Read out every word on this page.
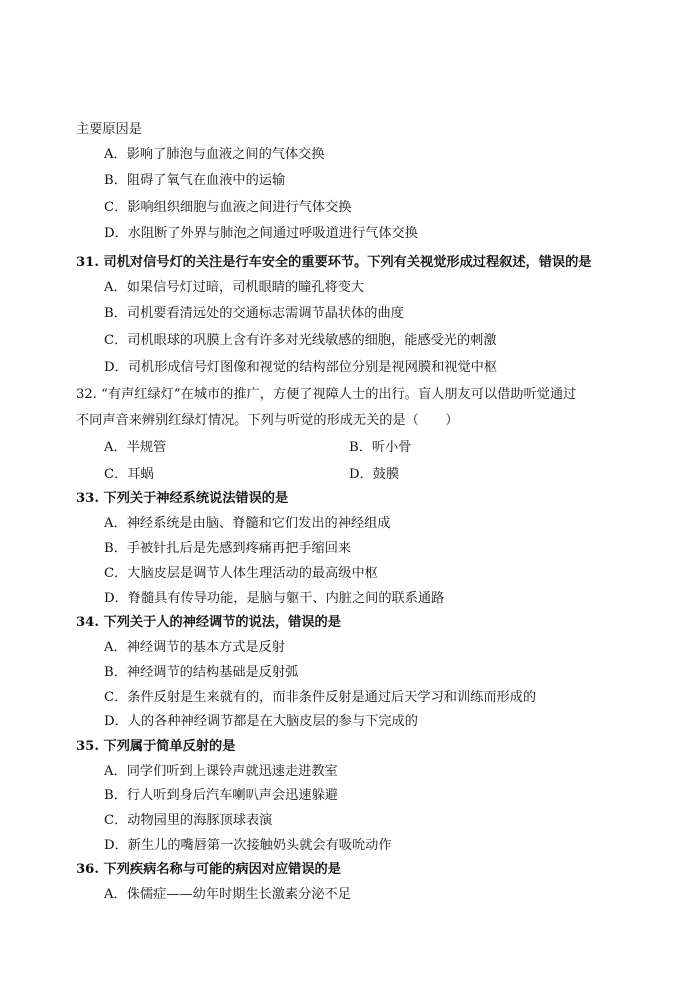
主要原因是
A．影响了肺泡与血液之间的气体交换
B．阻碍了氧气在血液中的运输
C．影响组织细胞与血液之间进行气体交换
D．水阻断了外界与肺泡之间通过呼吸道进行气体交换
31. 司机对信号灯的关注是行车安全的重要环节。下列有关视觉形成过程叙述，错误的是
A．如果信号灯过暗，司机眼睛的瞳孔将变大
B．司机要看清远处的交通标志需调节晶状体的曲度
C．司机眼球的巩膜上含有许多对光线敏感的细胞，能感受光的刺激
D．司机形成信号灯图像和视觉的结构部位分别是视网膜和视觉中枢
32. “有声红绿灯”在城市的推广，方便了视障人士的出行。盲人朋友可以借助听觉通过
不同声音来辨别红绿灯情况。下列与听觉的形成无关的是（　　）
A．半规管	B．听小骨
C．耳蜗	D．鼓膜
33. 下列关于神经系统说法错误的是
A．神经系统是由脑、脊髓和它们发出的神经组成
B．手被针扎后是先感到疼痛再把手缩回来
C．大脑皮层是调节人体生理活动的最高级中枢
D．脊髓具有传导功能，是脑与躯干、内脏之间的联系通路
34. 下列关于人的神经调节的说法，错误的是
A．神经调节的基本方式是反射
B．神经调节的结构基础是反射弧
C．条件反射是生来就有的，而非条件反射是通过后天学习和训练而形成的
D．人的各种神经调节都是在大脑皮层的参与下完成的
35. 下列属于简单反射的是
A．同学们听到上课铃声就迅速走进教室
B．行人听到身后汽车喇叭声会迅速躲避
C．动物园里的海豚顶球表演
D．新生儿的嘴唇第一次接触奶头就会有吸吮动作
36. 下列疾病名称与可能的病因对应错误的是
A．侏儒症——幼年时期生长激素分泌不足
